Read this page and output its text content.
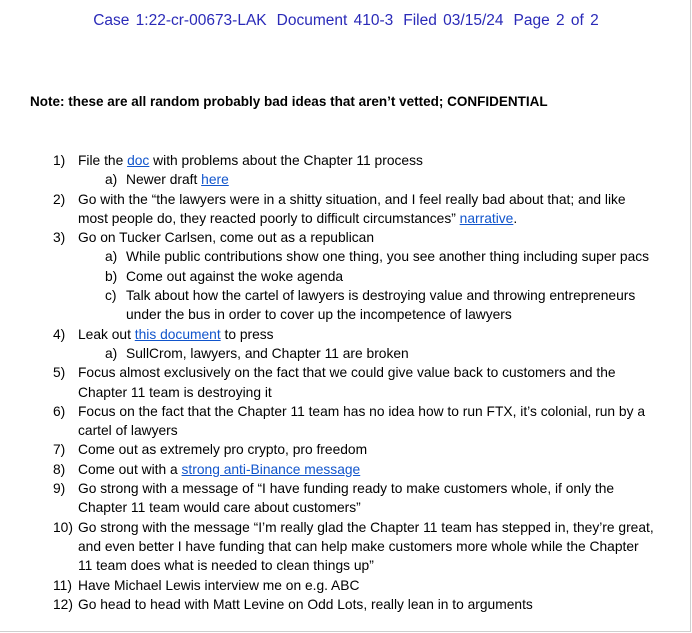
Case 1:22-cr-00673-LAK Document 410-3 Filed 03/15/24 Page 2 of 2
Note: these are all random probably bad ideas that aren’t vetted; CONFIDENTIAL
1) File the doc with problems about the Chapter 11 process
a) Newer draft here
2) Go with the “the lawyers were in a shitty situation, and I feel really bad about that; and like most people do, they reacted poorly to difficult circumstances” narrative.
3) Go on Tucker Carlsen, come out as a republican
a) While public contributions show one thing, you see another thing including super pacs
b) Come out against the woke agenda
c) Talk about how the cartel of lawyers is destroying value and throwing entrepreneurs under the bus in order to cover up the incompetence of lawyers
4) Leak out this document to press
a) SullCrom, lawyers, and Chapter 11 are broken
5) Focus almost exclusively on the fact that we could give value back to customers and the Chapter 11 team is destroying it
6) Focus on the fact that the Chapter 11 team has no idea how to run FTX, it’s colonial, run by a cartel of lawyers
7) Come out as extremely pro crypto, pro freedom
8) Come out with a strong anti-Binance message
9) Go strong with a message of “I have funding ready to make customers whole, if only the Chapter 11 team would care about customers”
10) Go strong with the message “I’m really glad the Chapter 11 team has stepped in, they’re great, and even better I have funding that can help make customers more whole while the Chapter 11 team does what is needed to clean things up”
11) Have Michael Lewis interview me on e.g. ABC
12) Go head to head with Matt Levine on Odd Lots, really lean in to arguments
